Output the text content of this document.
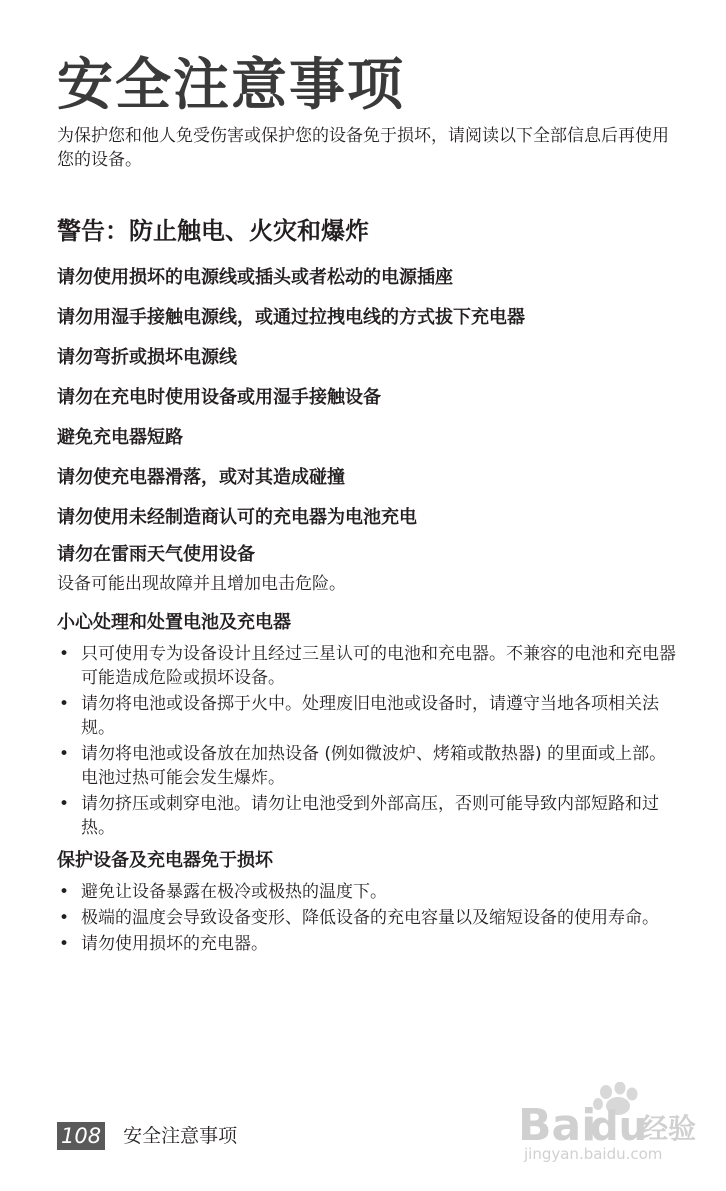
安全注意事项

为保护您和他人免受伤害或保护您的设备免于损坏，请阅读以下全部信息后再使用您的设备。

警告：防止触电、火灾和爆炸

请勿使用损坏的电源线或插头或者松动的电源插座

请勿用湿手接触电源线，或通过拉拽电线的方式拔下充电器

请勿弯折或损坏电源线

请勿在充电时使用设备或用湿手接触设备

避免充电器短路

请勿使充电器滑落，或对其造成碰撞

请勿使用未经制造商认可的充电器为电池充电

请勿在雷雨天气使用设备

设备可能出现故障并且增加电击危险。

小心处理和处置电池及充电器
• 只可使用专为设备设计且经过三星认可的电池和充电器。不兼容的电池和充电器可能造成危险或损坏设备。
• 请勿将电池或设备掷于火中。处理废旧电池或设备时，请遵守当地各项相关法规。
• 请勿将电池或设备放在加热设备 (例如微波炉、烤箱或散热器) 的里面或上部。电池过热可能会发生爆炸。
• 请勿挤压或刺穿电池。请勿让电池受到外部高压，否则可能导致内部短路和过热。
保护设备及充电器免于损坏
• 避免让设备暴露在极冷或极热的温度下。
• 极端的温度会导致设备变形、降低设备的充电容量以及缩短设备的使用寿命。
• 请勿使用损坏的充电器。
108 安全注意事项	Bai
du
经验
jingyan.baidu.com
